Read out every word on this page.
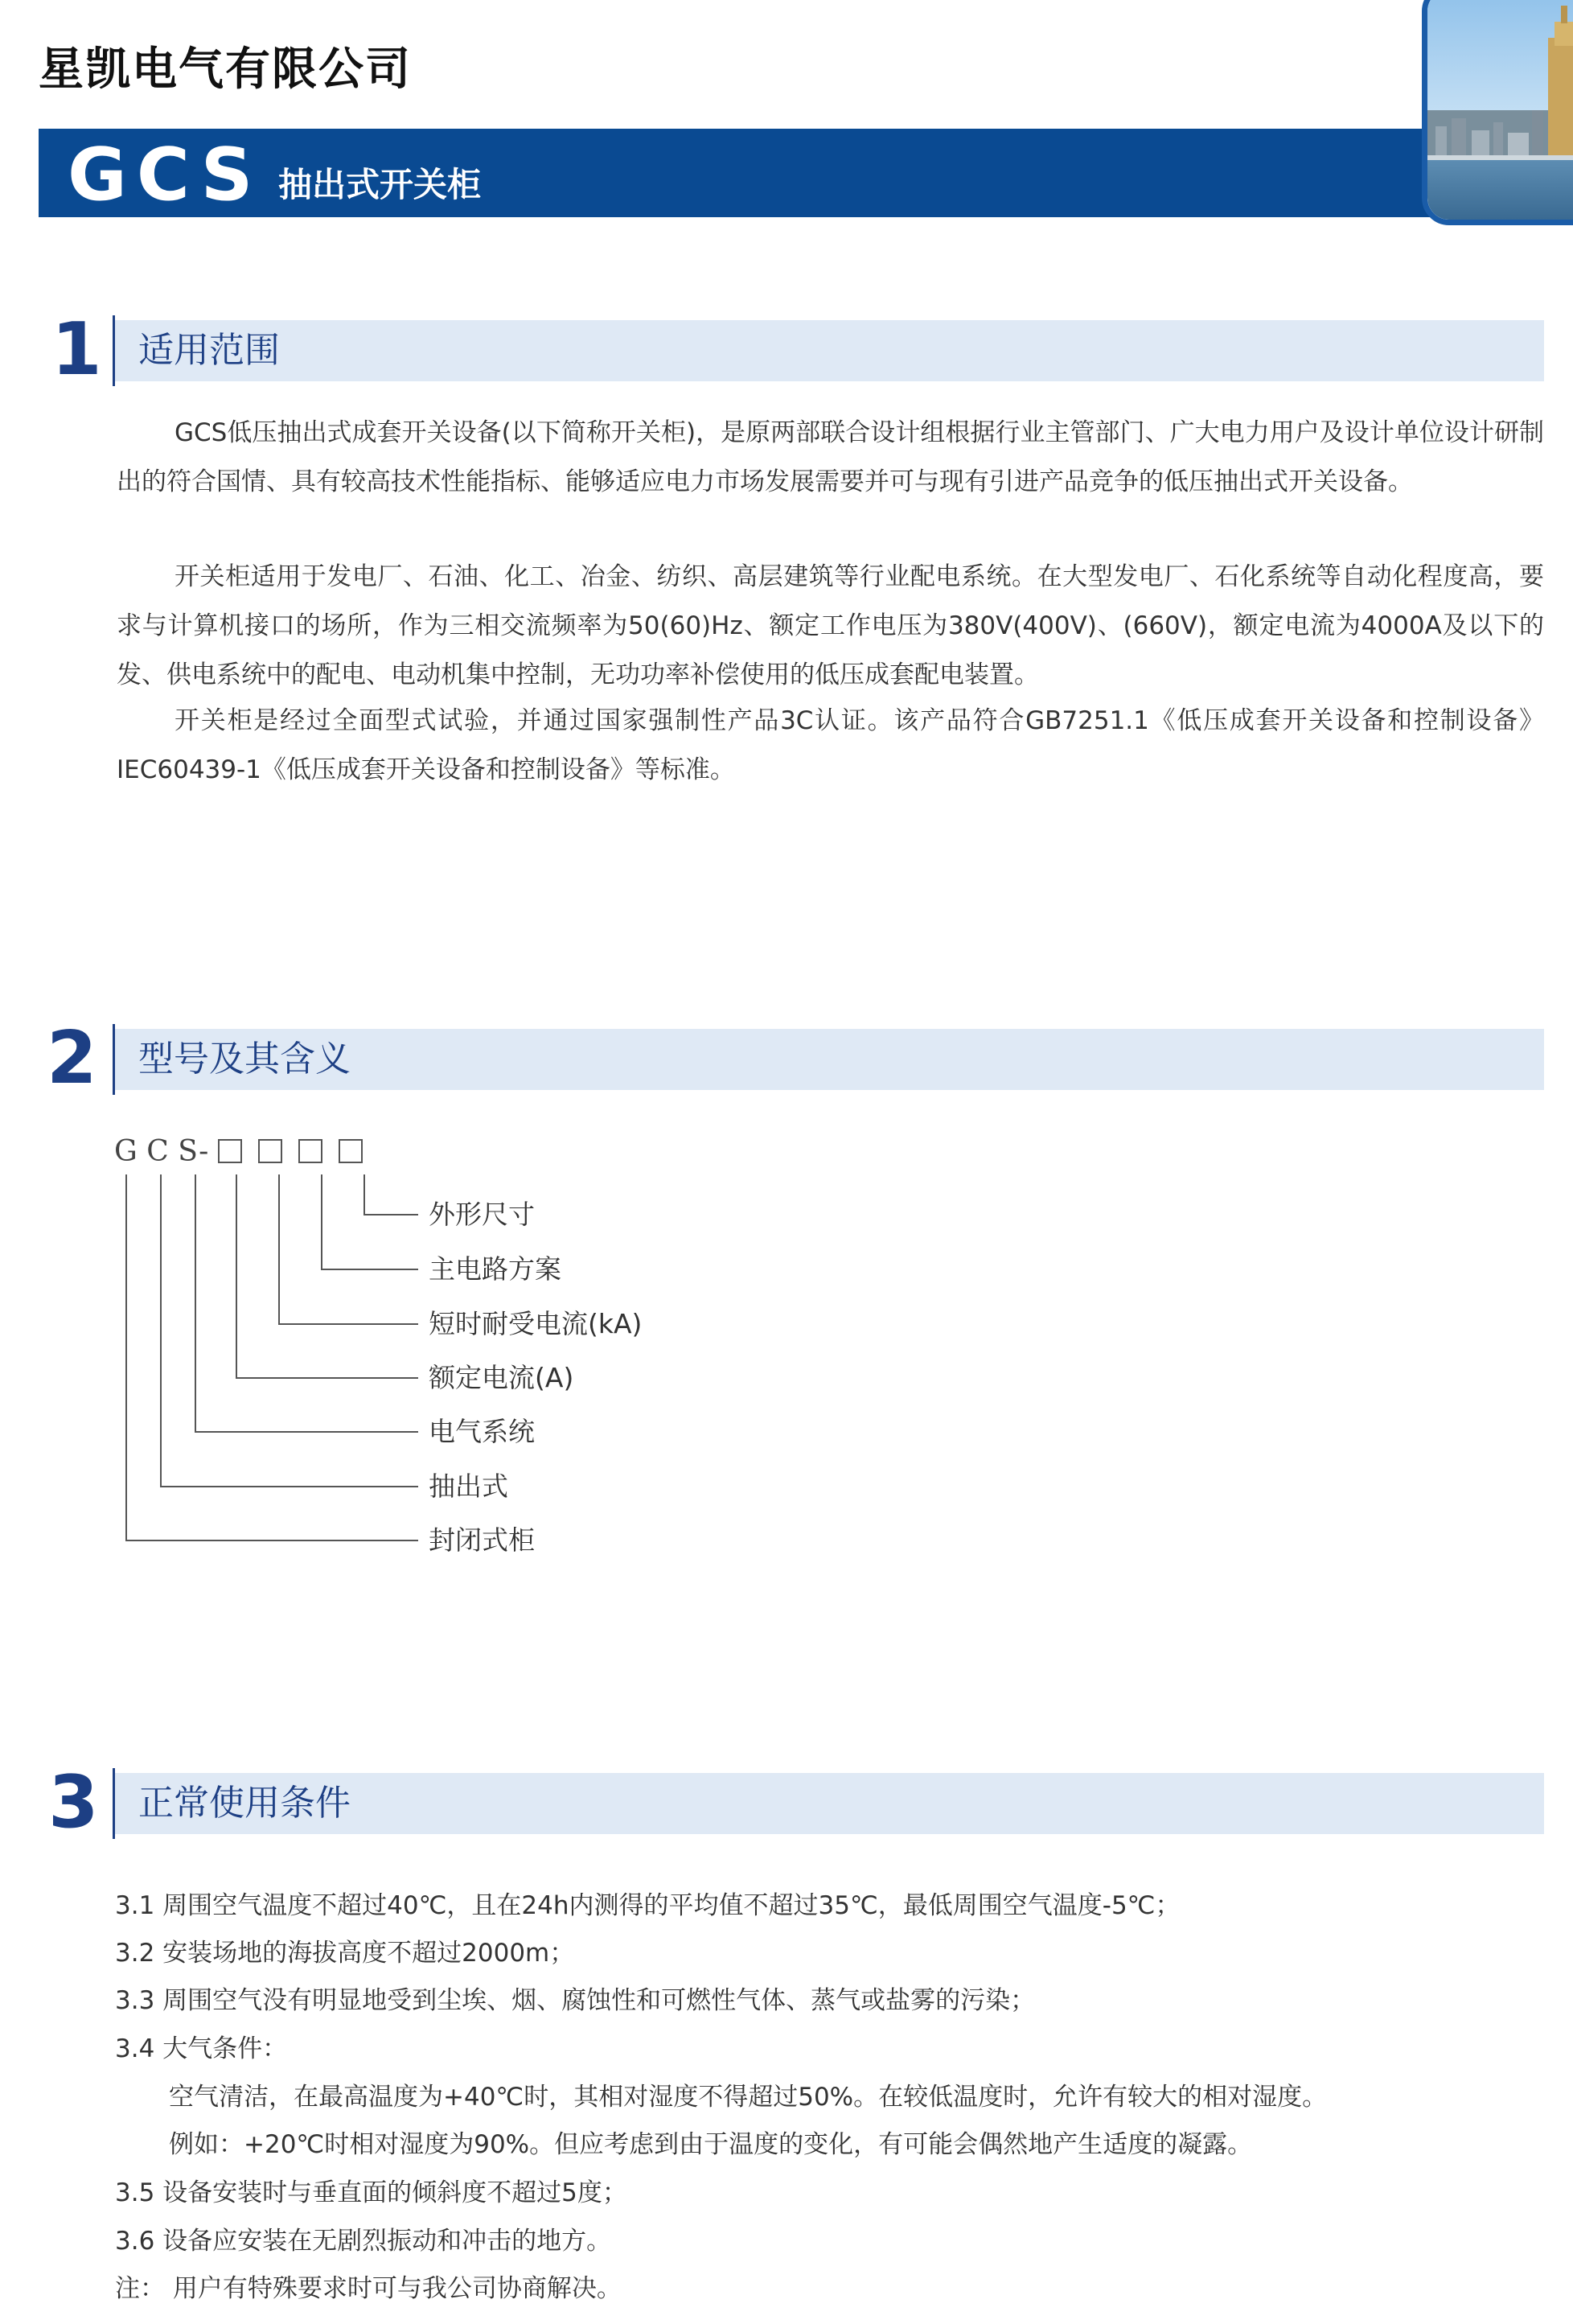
星凯电气有限公司
GCS 抽出式开关柜
1 适用范围

GCS低压抽出式成套开关设备(以下简称开关柜)，是原两部联合设计组根据行业主管部门、广大电力用户及设计单位设计研制出的符合国情、具有较高技术性能指标、能够适应电力市场发展需要并可与现有引进产品竞争的低压抽出式开关设备。

开关柜适用于发电厂、石油、化工、冶金、纺织、高层建筑等行业配电系统。在大型发电厂、石化系统等自动化程度高，要求与计算机接口的场所，作为三相交流频率为50(60)Hz、额定工作电压为380V(400V)、(660V)，额定电流为4000A及以下的发、供电系统中的配电、电动机集中控制，无功功率补偿使用的低压成套配电装置。

开关柜是经过全面型式试验，并通过国家强制性产品3C认证。该产品符合GB7251.1《低压成套开关设备和控制设备》IEC60439-1《低压成套开关设备和控制设备》等标准。

2 型号及其含义
G C S-
外形尺寸
主电路方案
短时耐受电流(kA)
额定电流(A)
电气系统
抽出式
封闭式柜
3 正常使用条件
3.1 周围空气温度不超过40℃，且在24h内测得的平均值不超过35℃，最低周围空气温度-5℃；
3.2 安装场地的海拔高度不超过2000m；
3.3 周围空气没有明显地受到尘埃、烟、腐蚀性和可燃性气体、蒸气或盐雾的污染；
3.4 大气条件：
空气清洁，在最高温度为+40℃时，其相对湿度不得超过50%。在较低温度时，允许有较大的相对湿度。
例如：+20℃时相对湿度为90%。但应考虑到由于温度的变化，有可能会偶然地产生适度的凝露。
3.5 设备安装时与垂直面的倾斜度不超过5度；
3.6 设备应安装在无剧烈振动和冲击的地方。
注： 用户有特殊要求时可与我公司协商解决。
